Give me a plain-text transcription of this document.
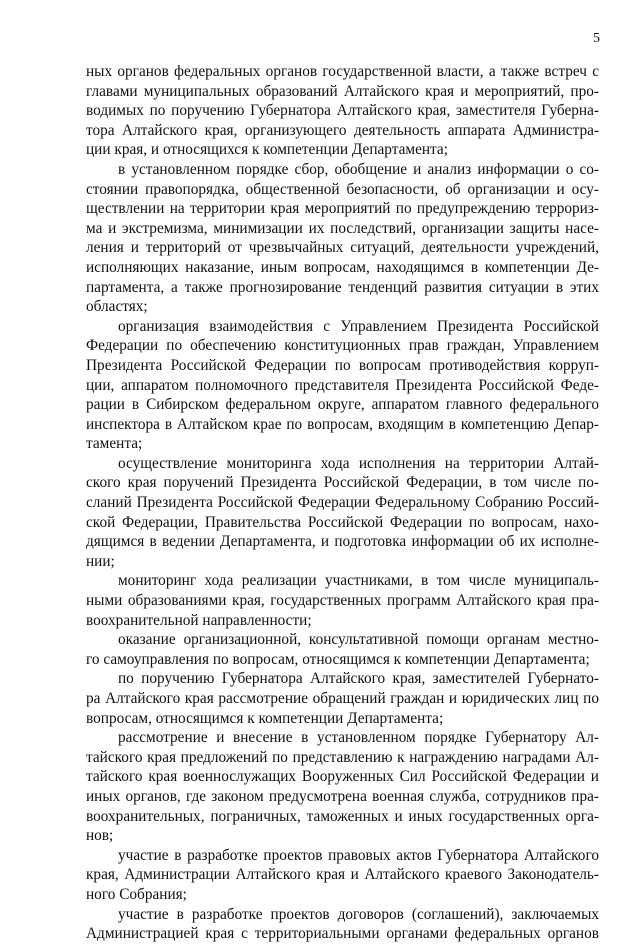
5
ных органов федеральных органов государственной власти, а также встреч с
главами муниципальных образований Алтайского края и мероприятий, про-
водимых по поручению Губернатора Алтайского края, заместителя Губерна-
тора Алтайского края, организующего деятельность аппарата Администра-
ции края, и относящихся к компетенции Департамента;
в установленном порядке сбор, обобщение и анализ информации о со-
стоянии правопорядка, общественной безопасности, об организации и осу-
ществлении на территории края мероприятий по предупреждению террориз-
ма и экстремизма, минимизации их последствий, организации защиты насе-
ления и территорий от чрезвычайных ситуаций, деятельности учреждений,
исполняющих наказание, иным вопросам, находящимся в компетенции Де-
партамента, а также прогнозирование тенденций развития ситуации в этих
областях;
организация взаимодействия с Управлением Президента Российской
Федерации по обеспечению конституционных прав граждан, Управлением
Президента Российской Федерации по вопросам противодействия корруп-
ции, аппаратом полномочного представителя Президента Российской Феде-
рации в Сибирском федеральном округе, аппаратом главного федерального
инспектора в Алтайском крае по вопросам, входящим в компетенцию Депар-
тамента;
осуществление мониторинга хода исполнения на территории Алтай-
ского края поручений Президента Российской Федерации, в том числе по-
сланий Президента Российской Федерации Федеральному Собранию Россий-
ской Федерации, Правительства Российской Федерации по вопросам, нахо-
дящимся в ведении Департамента, и подготовка информации об их исполне-
нии;
мониторинг хода реализации участниками, в том числе муниципаль-
ными образованиями края, государственных программ Алтайского края пра-
воохранительной направленности;
оказание организационной, консультативной помощи органам местно-
го самоуправления по вопросам, относящимся к компетенции Департамента;
по поручению Губернатора Алтайского края, заместителей Губернато-
ра Алтайского края рассмотрение обращений граждан и юридических лиц по
вопросам, относящимся к компетенции Департамента;
рассмотрение и внесение в установленном порядке Губернатору Ал-
тайского края предложений по представлению к награждению наградами Ал-
тайского края военнослужащих Вооруженных Сил Российской Федерации и
иных органов, где законом предусмотрена военная служба, сотрудников пра-
воохранительных, пограничных, таможенных и иных государственных орга-
нов;
участие в разработке проектов правовых актов Губернатора Алтайского
края, Администрации Алтайского края и Алтайского краевого Законодатель-
ного Собрания;
участие в разработке проектов договоров (соглашений), заключаемых
Администрацией края с территориальными органами федеральных органов
